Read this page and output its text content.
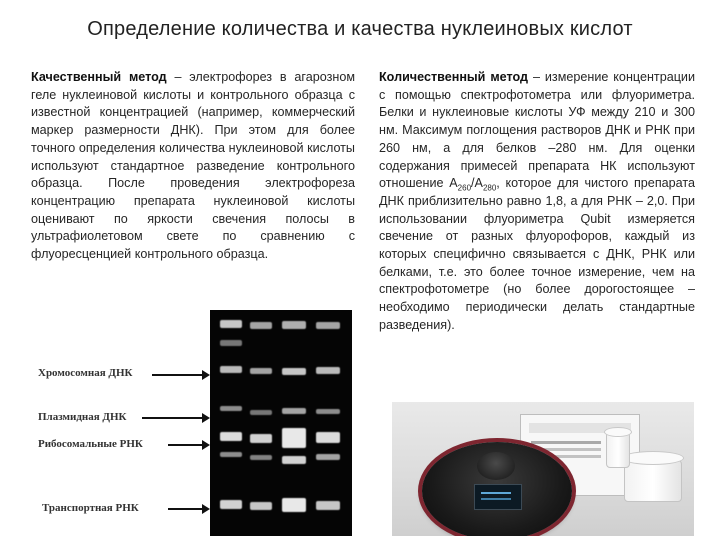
Определение количества и качества нуклеиновых кислот
Качественный метод – электрофорез в агарозном геле нуклеиновой кислоты и контрольного образца с известной концентрацией (например, коммерческий маркер размерности ДНК). При этом для более точного определения количества нуклеиновой кислоты используют стандартное разведение контрольного образца. После проведения электрофореза концентрацию препарата нуклеиновой кислоты оценивают по яркости свечения полосы в ультрафиолетовом свете по сравнению с флуоресценцией контрольного образца.
Количественный метод – измерение концентрации с помощью спектрофотометра или флуориметра. Белки и нуклеиновые кислоты УФ между 210 и 300 нм. Максимум поглощения растворов ДНК и РНК при 260 нм, а для белков –280 нм. Для оценки содержания примесей препарата НК используют отношение $A_{260}/A_{280}$, которое для чистого препарата ДНК приблизительно равно 1,8, а для РНК – 2,0. При использовании флуориметра Qubit измеряется свечение от разных флуорофоров, каждый из которых специфично связывается с ДНК, РНК или белками, т.е. это более точное измерение, чем на спектрофотометре (но более дорогостоящее – необходимо периодически делать стандартные разведения).
Хромосомная ДНК
Плазмидная ДНК
Рибосомальные РНК
Транспортная РНК
